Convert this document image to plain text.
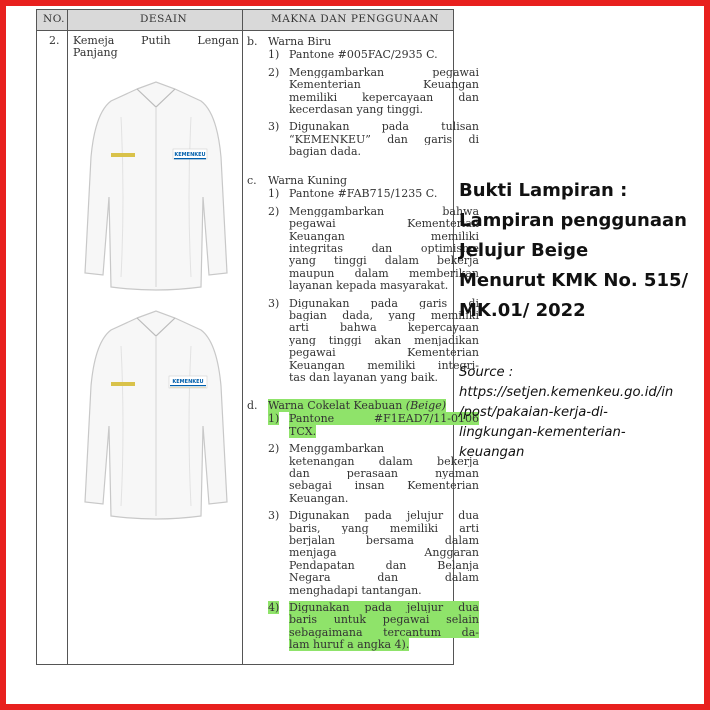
NO.	DESAIN	MAKNA DAN PENGGUNAAN
2. Kemeja Putih Lengan
Panjang
KEMENKEU
KEMENKEU
b. Warna Biru
1) Pantone #005FAC/2935 C.
2) Menggambarkan pegawai
Kementerian Keuangan
memiliki kepercayaan dan
kecerdasan yang tinggi.
3) Digunakan pada tulisan
“KEMENKEU” dan garis di
bagian dada.
c. Warna Kuning
1) Pantone #FAB715/1235 C.
2) Menggambarkan bahwa
pegawai Kementerian
Keuangan memiliki
integritas dan optimisme
yang tinggi dalam bekerja
maupun dalam memberikan
layanan kepada masyarakat.
3) Digunakan pada garis di
bagian dada, yang memiliki
arti bahwa kepercayaan
yang tinggi akan menjadikan
pegawai Kementerian
Keuangan memiliki integri-
tas dan layanan yang baik.
d. Warna Cokelat Keabuan (Beige)
1) Pantone #F1EAD7/11-0106
TCX.
2) Menggambarkan
ketenangan dalam bekerja
dan perasaan nyaman
sebagai insan Kementerian
Keuangan.
3) Digunakan pada jelujur dua
baris, yang memiliki arti
berjalan bersama dalam
menjaga Anggaran
Pendapatan dan Belanja
Negara dan dalam
menghadapi tantangan.
4) Digunakan pada jelujur dua
baris untuk pegawai selain
sebagaimana tercantum da-
lam huruf a angka 4).
Bukti Lampiran :
Lampiran penggunaan
Jelujur Beige
Menurut KMK No. 515/
MK.01/ 2022
Source :
https://setjen.kemenkeu.go.id/in
/post/pakaian-kerja-di-
lingkungan-kementerian-
keuangan
